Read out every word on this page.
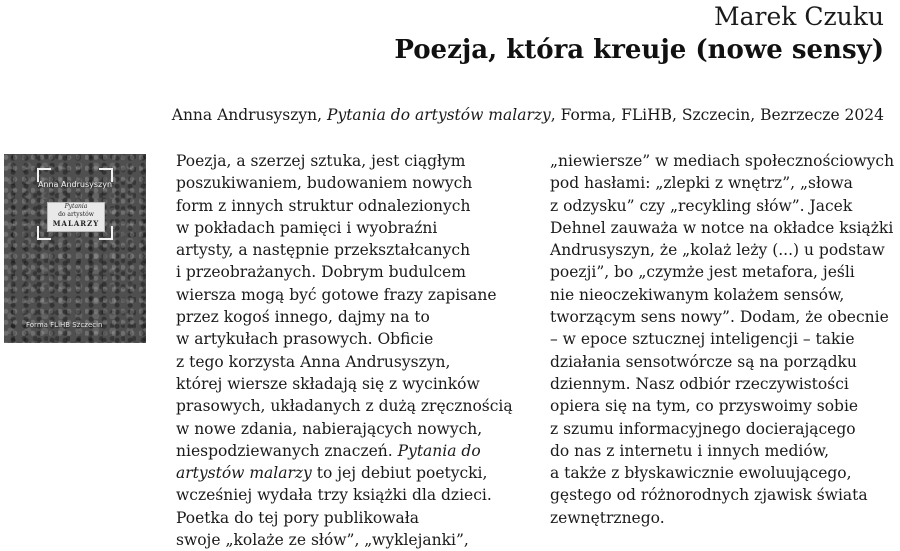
Marek Czuku
Poezja, która kreuje (nowe sensy)
Anna Andrusyszyn, Pytania do artystów malarzy, Forma, FLiHB, Szczecin, Bezrzecze 2024
Anna Andrusyszyn
Pytania
do artystów
MALARZY
Forma FLiHB Szczecin
Poezja, a szerzej sztuka, jest ciągłym
poszukiwaniem, budowaniem nowych
form z innych struktur odnalezionych
w pokładach pamięci i wyobraźni
artysty, a następnie przekształcanych
i przeobrażanych. Dobrym budulcem
wiersza mogą być gotowe frazy zapisane
przez kogoś innego, dajmy na to
w artykułach prasowych. Obficie
z tego korzysta Anna Andrusyszyn,
której wiersze składają się z wycinków
prasowych, układanych z dużą zręcznością
w nowe zdania, nabierających nowych,
niespodziewanych znaczeń. Pytania do
artystów malarzy to jej debiut poetycki,
wcześniej wydała trzy książki dla dzieci.
Poetka do tej pory publikowała
swoje „kolaże ze słów”, „wyklejanki”,
„niewiersze” w mediach społecznościowych
pod hasłami: „zlepki z wnętrz”, „słowa
z odzysku” czy „recykling słów”. Jacek
Dehnel zauważa w notce na okładce książki
Andrusyszyn, że „kolaż leży (...) u podstaw
poezji”, bo „czymże jest metafora, jeśli
nie nieoczekiwanym kolażem sensów,
tworzącym sens nowy”. Dodam, że obecnie
– w epoce sztucznej inteligencji – takie
działania sensotwórcze są na porządku
dziennym. Nasz odbiór rzeczywistości
opiera się na tym, co przyswoimy sobie
z szumu informacyjnego docierającego
do nas z internetu i innych mediów,
a także z błyskawicznie ewoluującego,
gęstego od różnorodnych zjawisk świata
zewnętrznego.
